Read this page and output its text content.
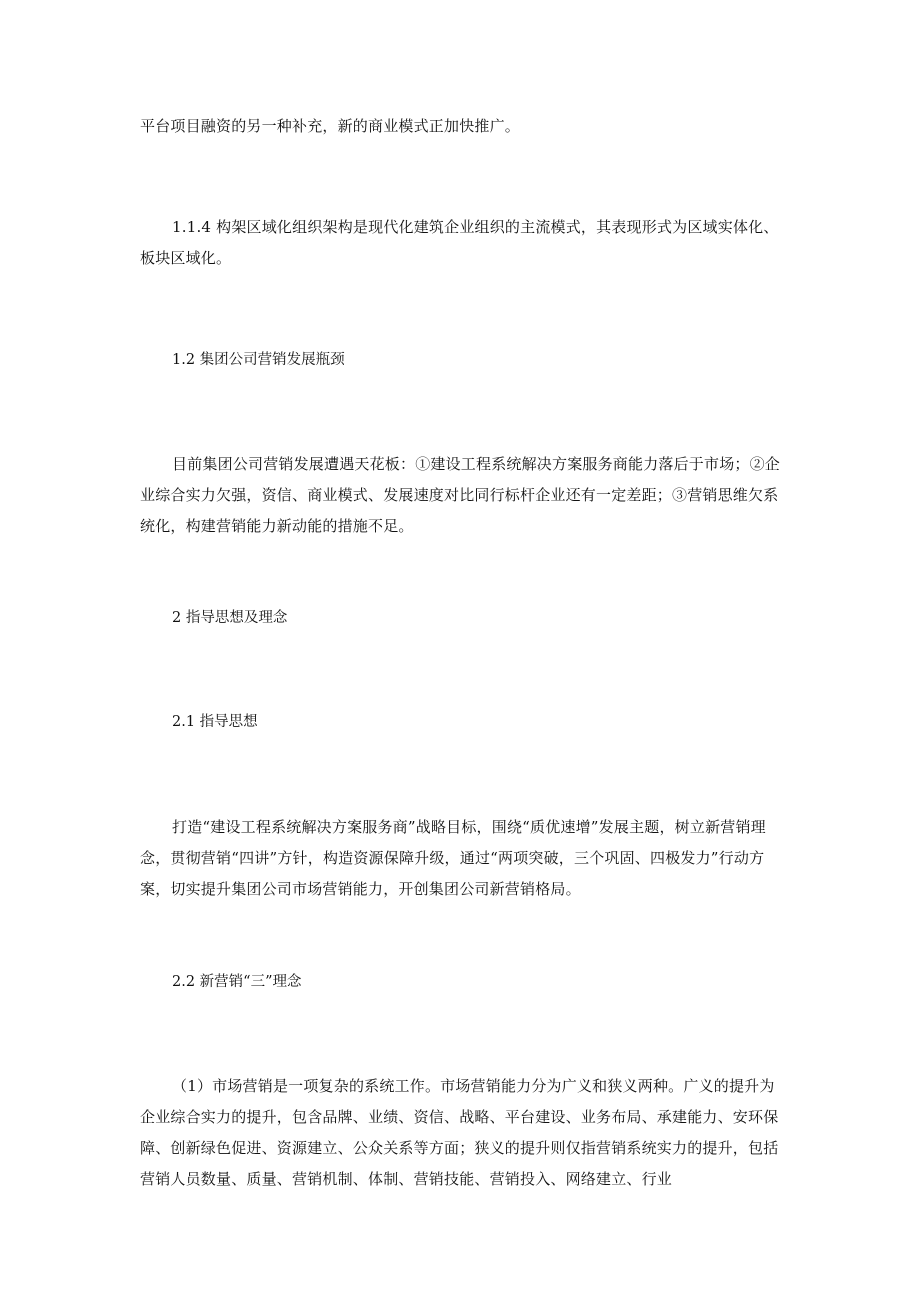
平台项目融资的另一种补充，新的商业模式正加快推广。

1.1.4 构架区域化组织架构是现代化建筑企业组织的主流模式，其表现形式为区域实体化、板块区域化。

1.2 集团公司营销发展瓶颈

目前集团公司营销发展遭遇天花板：①建设工程系统解决方案服务商能力落后于市场；②企业综合实力欠强，资信、商业模式、发展速度对比同行标杆企业还有一定差距；③营销思维欠系统化，构建营销能力新动能的措施不足。

2 指导思想及理念

2.1 指导思想

打造“建设工程系统解决方案服务商”战略目标，围绕“质优速增”发展主题，树立新营销理念，贯彻营销“四讲”方针，构造资源保障升级，通过“两项突破，三个巩固、四极发力”行动方案，切实提升集团公司市场营销能力，开创集团公司新营销格局。

2.2 新营销“三”理念

（1）市场营销是一项复杂的系统工作。市场营销能力分为广义和狭义两种。广义的提升为企业综合实力的提升，包含品牌、业绩、资信、战略、平台建设、业务布局、承建能力、安环保障、创新绿色促进、资源建立、公众关系等方面；狭义的提升则仅指营销系统实力的提升，包括营销人员数量、质量、营销机制、体制、营销技能、营销投入、网络建立、行业
